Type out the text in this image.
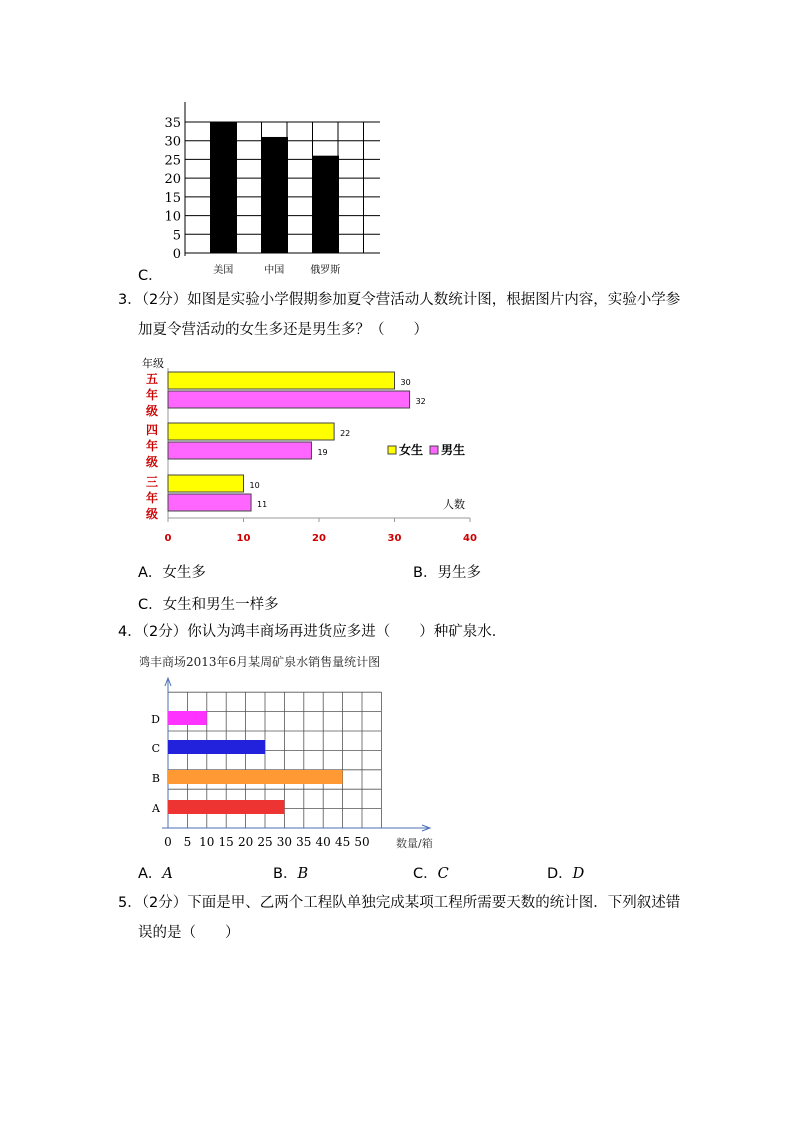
0
5
10
15
20
25
30
35
美国	中国	俄罗斯
C．
3．（2分）如图是实验小学假期参加夏令营活动人数统计图，根据图片内容，实验小学参
加夏令营活动的女生多还是男生多？（　　）
年级
0	10	20	30	40
人数
五
年
级
30
32
四
年
级
22
19
三
年
级
10
11
女生 男生
A．女生多	B．男生多
C．女生和男生一样多
4．（2分）你认为鸿丰商场再进货应多进（　　）种矿泉水．
鸿丰商场2013年6月某周矿泉水销售量统计图
0 5 10 15 20 25 30 35 40 45 50 数量/箱
D
C
B
A
A．A	B．B	C．C	D．D
5．（2分）下面是甲、乙两个工程队单独完成某项工程所需要天数的统计图．下列叙述错
误的是（　　）
